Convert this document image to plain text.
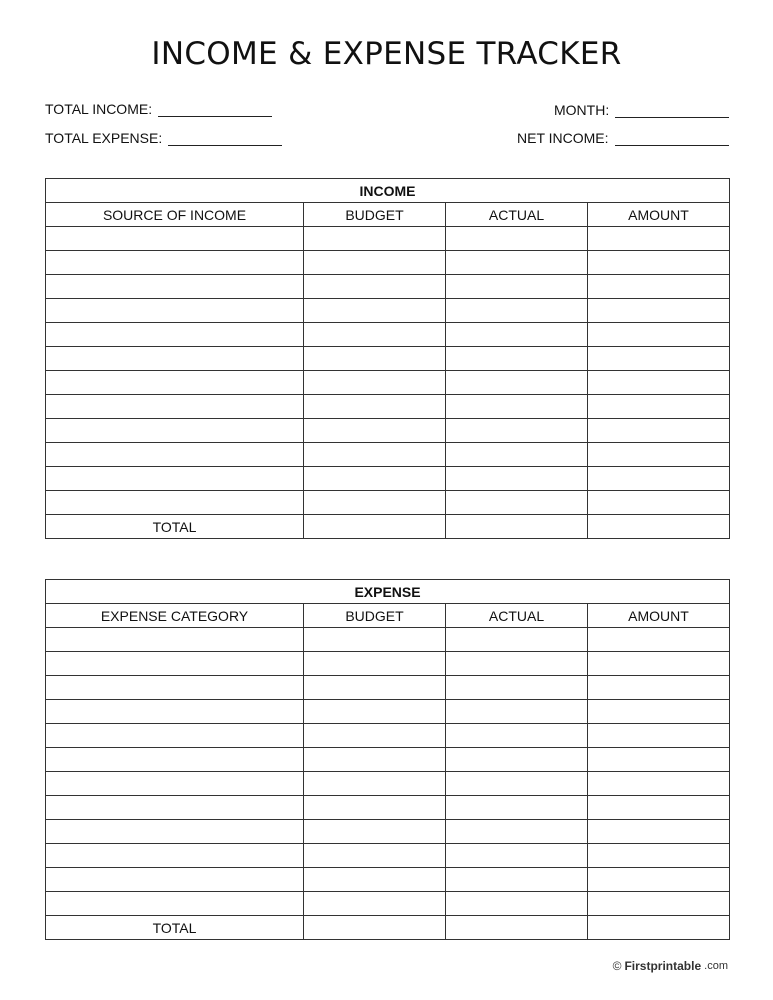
INCOME & EXPENSE TRACKER
TOTAL INCOME:
TOTAL EXPENSE:
MONTH:
NET INCOME:
INCOME			
SOURCE OF INCOME	BUDGET	ACTUAL	AMOUNT

TOTAL			
EXPENSE			
EXPENSE CATEGORY	BUDGET	ACTUAL	AMOUNT

TOTAL			
© Firstprintable .com
